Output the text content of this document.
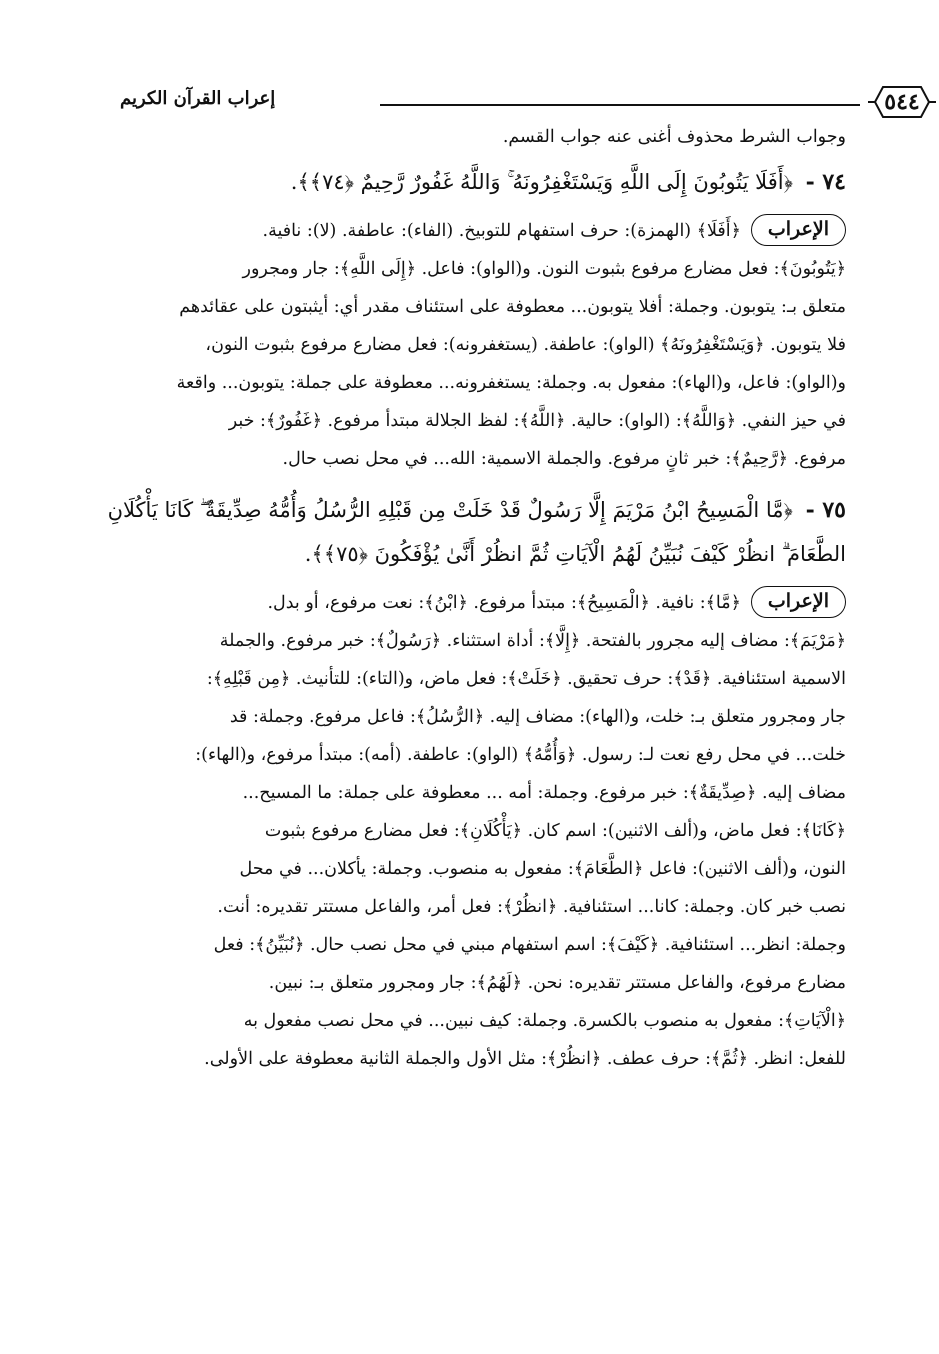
٥٤٤
إعراب القرآن الكريم

وجواب الشرط محذوف أغنى عنه جواب القسم.

٧٤ - ﴿أَفَلَا يَتُوبُونَ إِلَى اللَّهِ وَيَسْتَغْفِرُونَهُ ۚ وَاللَّهُ غَفُورٌ رَّحِيمٌ ﴿٧٤﴾﴾.
الإعراب

﴿أَفَلَا﴾ (الهمزة): حرف استفهام للتوبيخ. (الفاء): عاطفة. (لا): نافية.

﴿يَتُوبُونَ﴾: فعل مضارع مرفوع بثبوت النون. و(الواو): فاعل. ﴿إِلَى اللَّهِ﴾: جار ومجرور

متعلق بـ: يتوبون. وجملة: أفلا يتوبون... معطوفة على استئناف مقدر أي: أيثبتون على عقائدهم

فلا يتوبون. ﴿وَيَسْتَغْفِرُونَهُ﴾ (الواو): عاطفة. (يستغفرونه): فعل مضارع مرفوع بثبوت النون،

و(الواو): فاعل، و(الهاء): مفعول به. وجملة: يستغفرونه... معطوفة على جملة: يتوبون... واقعة

في حيز النفي. ﴿وَاللَّهُ﴾: (الواو): حالية. ﴿اللَّهُ﴾: لفظ الجلالة مبتدأ مرفوع. ﴿غَفُورٌ﴾: خبر

مرفوع. ﴿رَّحِيمٌ﴾: خبر ثانٍ مرفوع. والجملة الاسمية: الله... في محل نصب حال.

٧٥ - ﴿مَّا الْمَسِيحُ ابْنُ مَرْيَمَ إِلَّا رَسُولٌ قَدْ خَلَتْ مِن قَبْلِهِ الرُّسُلُ وَأُمُّهُ صِدِّيقَةٌ ۖ كَانَا يَأْكُلَانِ الطَّعَامَ ۗ انظُرْ كَيْفَ نُبَيِّنُ لَهُمُ الْآيَاتِ ثُمَّ انظُرْ أَنَّىٰ يُؤْفَكُونَ ﴿٧٥﴾﴾.
الإعراب

﴿مَّا﴾: نافية. ﴿الْمَسِيحُ﴾: مبتدأ مرفوع. ﴿ابْنُ﴾: نعت مرفوع، أو بدل.

﴿مَرْيَمَ﴾: مضاف إليه مجرور بالفتحة. ﴿إِلَّا﴾: أداة استثناء. ﴿رَسُولٌ﴾: خبر مرفوع. والجملة

الاسمية استئنافية. ﴿قَدْ﴾: حرف تحقيق. ﴿خَلَتْ﴾: فعل ماض، و(التاء): للتأنيث. ﴿مِن قَبْلِهِ﴾:

جار ومجرور متعلق بـ: خلت، و(الهاء): مضاف إليه. ﴿الرُّسُلُ﴾: فاعل مرفوع. وجملة: قد

خلت... في محل رفع نعت لـ: رسول. ﴿وَأُمُّهُ﴾ (الواو): عاطفة. (أمه): مبتدأ مرفوع، و(الهاء):

مضاف إليه. ﴿صِدِّيقَةٌ﴾: خبر مرفوع. وجملة: أمه ... معطوفة على جملة: ما المسيح...

﴿كَانَا﴾: فعل ماض، و(ألف الاثنين): اسم كان. ﴿يَأْكُلَانِ﴾: فعل مضارع مرفوع بثبوت

النون، و(ألف الاثنين): فاعل ﴿الطَّعَامَ﴾: مفعول به منصوب. وجملة: يأكلان... في محل

نصب خبر كان. وجملة: كانا... استئنافية. ﴿انظُرْ﴾: فعل أمر، والفاعل مستتر تقديره: أنت.

وجملة: انظر... استئنافية. ﴿كَيْفَ﴾: اسم استفهام مبني في محل نصب حال. ﴿نُبَيِّنُ﴾: فعل

مضارع مرفوع، والفاعل مستتر تقديره: نحن. ﴿لَهُمُ﴾: جار ومجرور متعلق بـ: نبين.

﴿الْآيَاتِ﴾: مفعول به منصوب بالكسرة. وجملة: كيف نبين... في محل نصب مفعول به

للفعل: انظر. ﴿ثُمَّ﴾: حرف عطف. ﴿انظُرْ﴾: مثل الأول والجملة الثانية معطوفة على الأولى.
